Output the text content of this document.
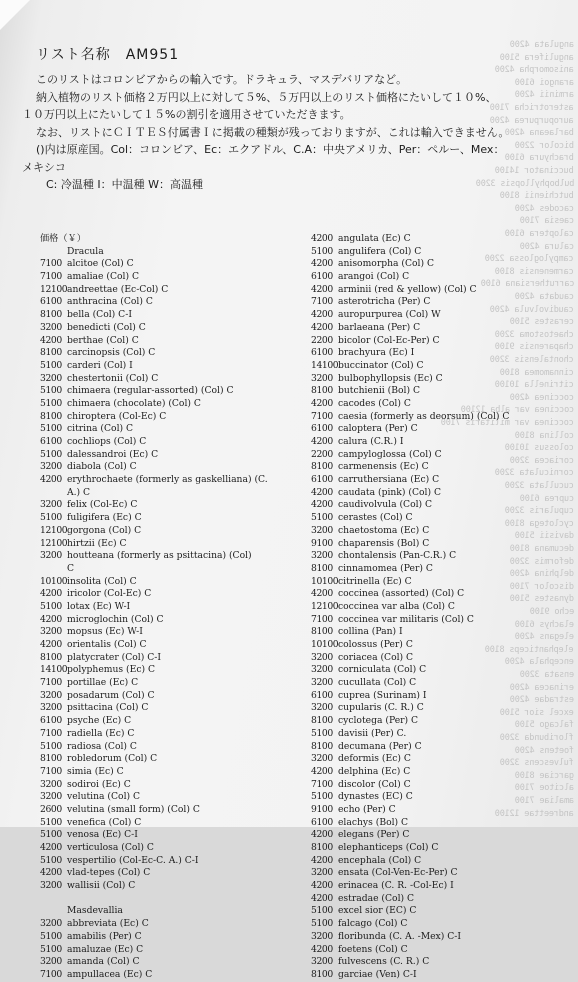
angulata 4200
angulifera 5100
anisomorpha 4200
arangoi 6100
arminii 4200
asterotricha 7100
auropurpurea 4200
barlaeana 4200
bicolor 2200
brachyura 6100
buccinator 14100
bulbophyllopsis 3200
butchienii 8100
cacodes 4200
caesia 7100
caloptera 6100
calura 4200
campyloglossa 2200
carmenensis 8100
carruthersiana 6100
caudata 4200
caudivolvula 4200
cerastes 5100
chaetostoma 3200
chaparensis 9100
chontalensis 3200
cinnamomea 8100
citrinella 10100
coccinea 4200
coccinea var alba 12100
coccinea var militaris 7100
collina 8100
colossus 10100
coriacea 3200
corniculata 3200
cucullata 3200
cuprea 6100
cupularis 3200
cyclotega 8100
davisii 5100
decumana 8100
deformis 3200
delphina 4200
discolor 7100
dynastes 5100
echo 9100
elachys 6100
elegans 4200
elephanticeps 8100
encephala 4200
ensata 3200
erinacea 4200
estradae 4200
excel sior 5100
falcago 5100
floribunda 3200
foetens 4200
fulvescens 3200
garciae 8100
alcitoe 7100
amaliae 7100
andreettae 12100
リスト名称　AM951

このリストはコロンビアからの輸入です。ドラキュラ、マスデバリアなど。

納入植物のリスト価格２万円以上に対して５%、５万円以上のリスト価格にたいして１０%、

１０万円以上にたいして１５%の割引を適用させていただきます。

なお、リストにＣＩＴＥＳ付属書Ｉに掲載の種類が残っておりますが、これは輸入できません。

()内は原産国。Col：コロンビア、Ec：エクアドル、C.A：中央アメリカ、Per：ペルー、Mex：

メキシコ

C: 冷温種 I：中温種 W：高温種

価格（￥）
Dracula
7100 alcitoe (Col) C
7100 amaliae (Col) C
12100andreettae (Ec-Col) C
6100 anthracina (Col) C
8100 bella (Col) C-I
3200 benedicti (Col) C
4200 berthae (Col) C
8100 carcinopsis (Col) C
5100 carderi (Col) I
3200 chestertonii (Col) C
5100 chimaera (regular-assorted) (Col) C
5100 chimaera (chocolate) (Col) C
8100 chiroptera (Col-Ec) C
5100 citrina (Col) C
6100 cochliops (Col) C
5100 dalessandroi (Ec) C
3200 diabola (Col) C
4200 erythrochaete (formerly as gaskelliana) (C.
A.) C
3200 felix (Col-Ec) C
5100 fuligifera (Ec) C
12100gorgona (Col) C
12100hirtzii (Ec) C
3200 houtteana (formerly as psittacina) (Col)
C
10100insolita (Col) C
4200 iricolor (Col-Ec) C
5100 lotax (Ec) W-I
4200 microglochin (Col) C
3200 mopsus (Ec) W-I
4200 orientalis (Col) C
8100 platycrater (Col) C-I
14100polyphemus (Ec) C
7100 portillae (Ec) C
3200 posadarum (Col) C
3200 psittacina (Col) C
6100 psyche (Ec) C
7100 radiella (Ec) C
5100 radiosa (Col) C
8100 robledorum (Col) C
7100 simia (Ec) C
3200 sodiroi (Ec) C
3200 velutina (Col) C
2600 velutina (small form) (Col) C
5100 venefica (Col) C
5100 venosa (Ec) C-I
4200 verticulosa (Col) C
5100 vespertilio (Col-Ec-C. A.) C-I
4200 vlad-tepes (Col) C
3200 wallisii (Col) C
Masdevallia
3200 abbreviata (Ec) C
5100 amabilis (Per) C
5100 amaluzae (Ec) C
3200 amanda (Col) C
7100 ampullacea (Ec) C
4200 angulata (Ec) C
5100 angulifera (Col) C
4200 anisomorpha (Col) C
6100 arangoi (Col) C
4200 arminii (red & yellow) (Col) C
7100 asterotricha (Per) C
4200 auropurpurea (Col) W
4200 barlaeana (Per) C
2200 bicolor (Col-Ec-Per) C
6100 brachyura (Ec) I
14100buccinator (Col) C
3200 bulbophyllopsis (Ec) C
8100 butchienii (Bol) C
4200 cacodes (Col) C
7100 caesia (formerly as deorsum) (Col) C
6100 caloptera (Per) C
4200 calura (C.R.) I
2200 campyloglossa (Col) C
8100 carmenensis (Ec) C
6100 carruthersiana (Ec) C
4200 caudata (pink) (Col) C
4200 caudivolvula (Col) C
5100 cerastes (Col) C
3200 chaetostoma (Ec) C
9100 chaparensis (Bol) C
3200 chontalensis (Pan-C.R.) C
8100 cinnamomea (Per) C
10100citrinella (Ec) C
4200 coccinea (assorted) (Col) C
12100coccinea var alba (Col) C
7100 coccinea var militaris (Col) C
8100 collina (Pan) I
10100colossus (Per) C
3200 coriacea (Col) C
3200 corniculata (Col) C
3200 cucullata (Col) C
6100 cuprea (Surinam) I
3200 cupularis (C. R.) C
8100 cyclotega (Per) C
5100 davisii (Per) C.
8100 decumana (Per) C
3200 deformis (Ec) C
4200 delphina (Ec) C
7100 discolor (Col) C
5100 dynastes (EC) C
9100 echo (Per) C
6100 elachys (Bol) C
4200 elegans (Per) C
8100 elephanticeps (Col) C
4200 encephala (Col) C
3200 ensata (Col-Ven-Ec-Per) C
4200 erinacea (C. R. -Col-Ec) I
4200 estradae (Col) C
5100 excel sior (EC) C
5100 falcago (Col) C
3200 floribunda (C. A. -Mex) C-I
4200 foetens (Col) C
3200 fulvescens (C. R.) C
8100 garciae (Ven) C-I
